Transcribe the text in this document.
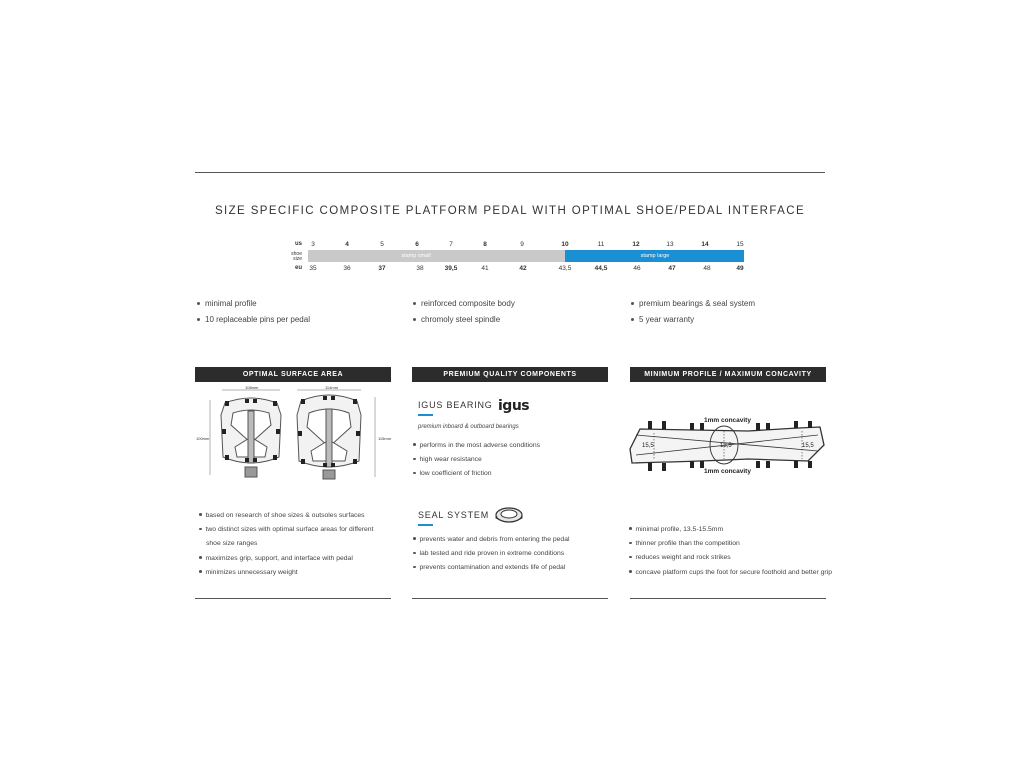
SIZE SPECIFIC COMPOSITE PLATFORM PEDAL WITH OPTIMAL SHOE/PEDAL INTERFACE
us
shoe
size
eu
stamp small	stamp large
3	4	5	6	7	8	9	10	11	12	13	14	15
35	36	37	38	39,5	41	42	43,5	44,5	46	47	48	49
minimal profile
10 replaceable pins per pedal
reinforced composite body
chromoly steel spindle
premium bearings & seal system
5 year warranty
OPTIMAL SURFACE AREA
108mm	114mm
100mm	115mm
based on research of shoe sizes & outsoles surfaces
two distinct sizes with optimal surface areas for different
shoe size ranges
maximizes grip, support, and interface with pedal
minimizes unnecessary weight
PREMIUM QUALITY COMPONENTS
IGUS BEARING igus
premium inboard & outboard bearings
performs in the most adverse conditions
high wear resistance
low coefficient of friction
SEAL SYSTEM
prevents water and debris from entering the pedal
lab tested and ride proven in extreme conditions
prevents contamination and extends life of pedal
MINIMUM PROFILE / MAXIMUM CONCAVITY
1mm concavity
1mm concavity
15,5	13,5	15,5
minimal profile, 13.5-15.5mm
thinner profile than the competition
reduces weight and rock strikes
concave platform cups the foot for secure foothold and better grip
